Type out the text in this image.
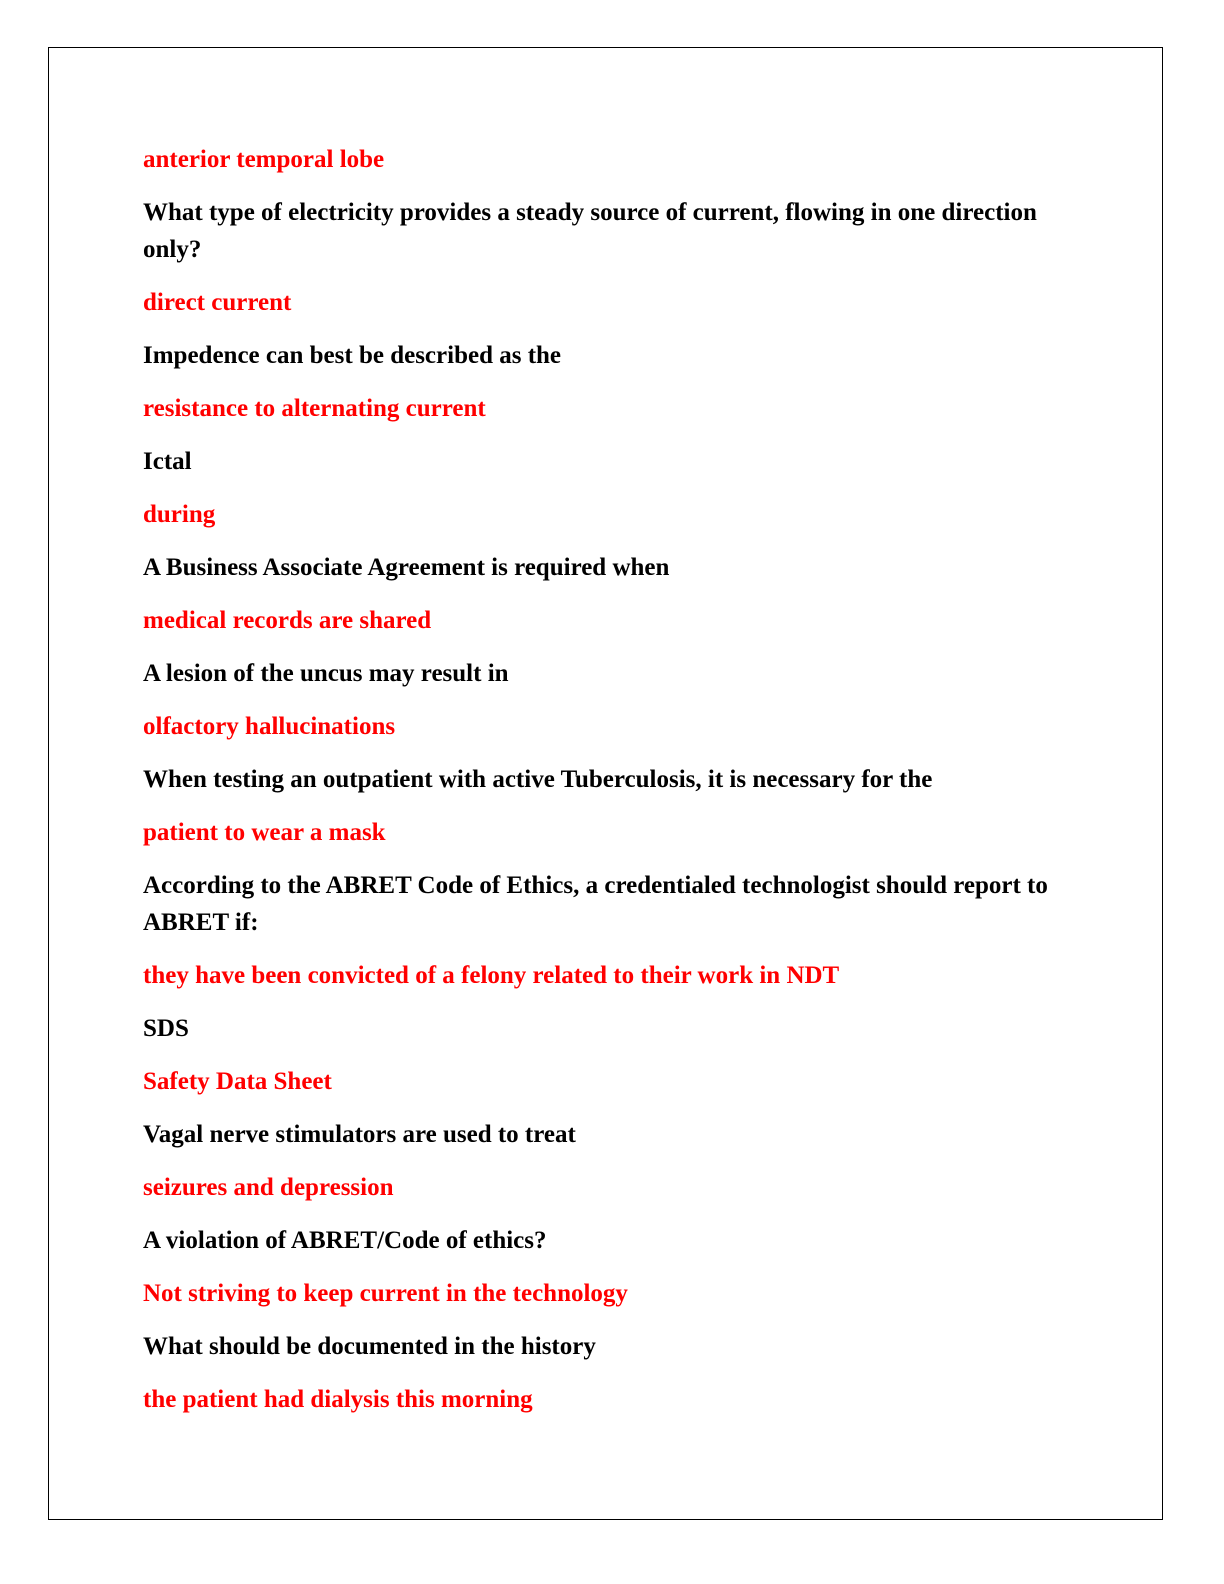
anterior temporal lobe

What type of electricity provides a steady source of current, flowing in one direction only?

direct current

Impedence can best be described as the

resistance to alternating current

Ictal

during

A Business Associate Agreement is required when

medical records are shared

A lesion of the uncus may result in

olfactory hallucinations

When testing an outpatient with active Tuberculosis, it is necessary for the

patient to wear a mask

According to the ABRET Code of Ethics, a credentialed technologist should report to ABRET if:

they have been convicted of a felony related to their work in NDT

SDS

Safety Data Sheet

Vagal nerve stimulators are used to treat

seizures and depression

A violation of ABRET/Code of ethics?

Not striving to keep current in the technology

What should be documented in the history

the patient had dialysis this morning
